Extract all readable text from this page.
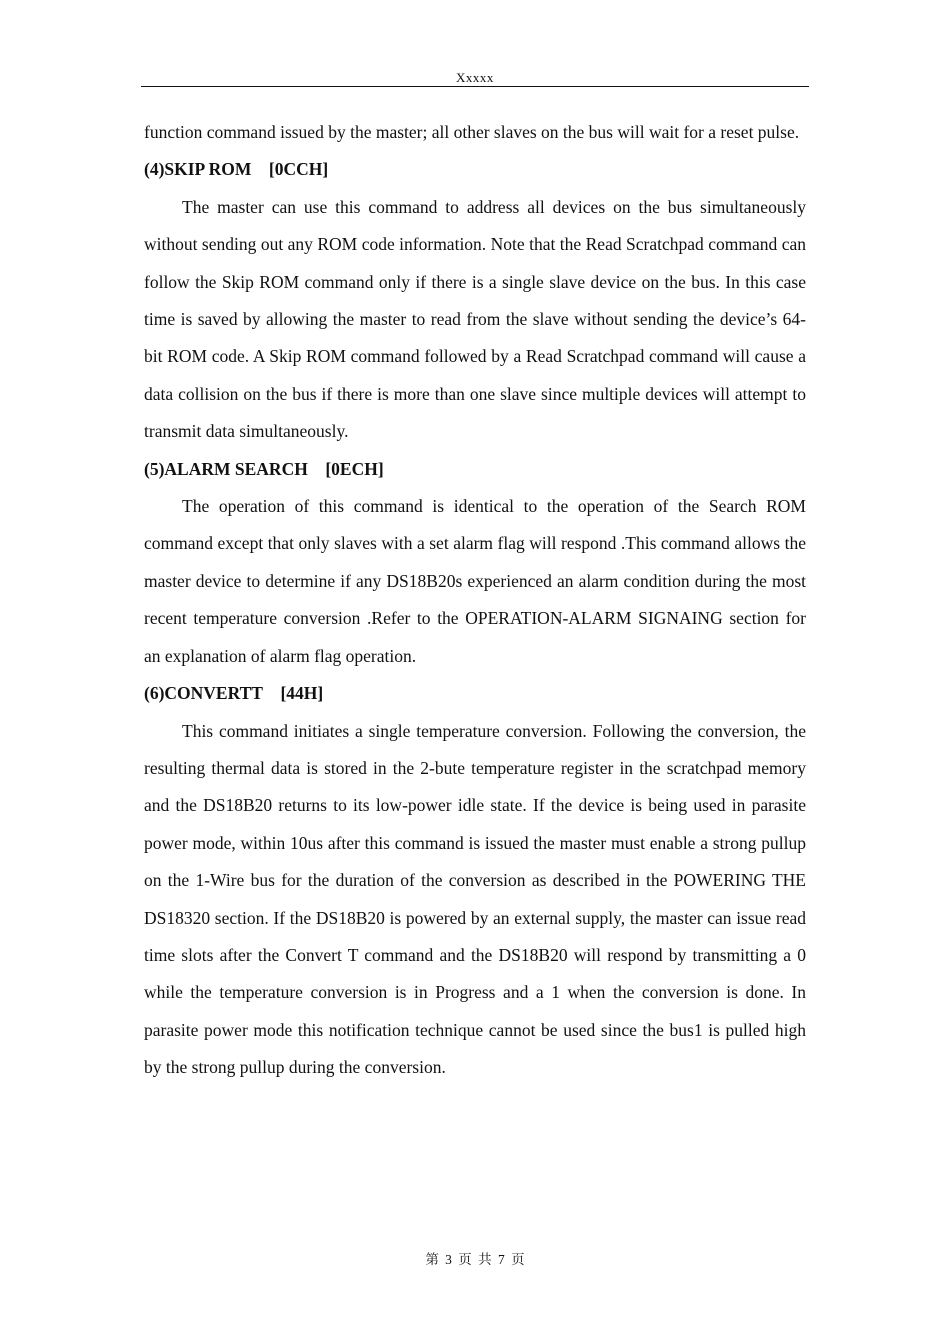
Xxxxx

function command issued by the master; all other slaves on the bus will wait for a reset pulse.

(4)SKIP ROM    [0CCH]

The master can use this command to address all devices on the bus simultaneously without sending out any ROM code information. Note that the Read Scratchpad command can follow the Skip ROM command only if there is a single slave device on the bus. In this case time is saved by allowing the master to read from the slave without sending the device’s 64-bit ROM code. A Skip ROM command followed by a Read Scratchpad command will cause a data collision on the bus if there is more than one slave since multiple devices will attempt to transmit data simultaneously.

(5)ALARM SEARCH    [0ECH]

The operation of this command is identical to the operation of the Search ROM command except that only slaves with a set alarm flag will respond .This command allows the master device to determine if any DS18B20s experienced an alarm condition during the most recent temperature conversion .Refer to the OPERATION-ALARM SIGNAING section for an explanation of alarm flag operation.

(6)CONVERTT    [44H]

This command initiates a single temperature conversion. Following the conversion, the resulting thermal data is stored in the 2-bute temperature register in the scratchpad memory and the DS18B20 returns to its low-power idle state. If the device is being used in parasite power mode, within 10us after this command is issued the master must enable a strong pullup on the 1-Wire bus for the duration of the conversion as described in the POWERING THE DS18320 section. If the DS18B20 is powered by an external supply, the master can issue read time slots after the Convert T command and the DS18B20 will respond by transmitting a 0 while the temperature conversion is in Progress and a 1 when the conversion is done. In parasite power mode this notification technique cannot be used since the bus1 is pulled high by the strong pullup during the conversion.

第 3 页 共 7 页
